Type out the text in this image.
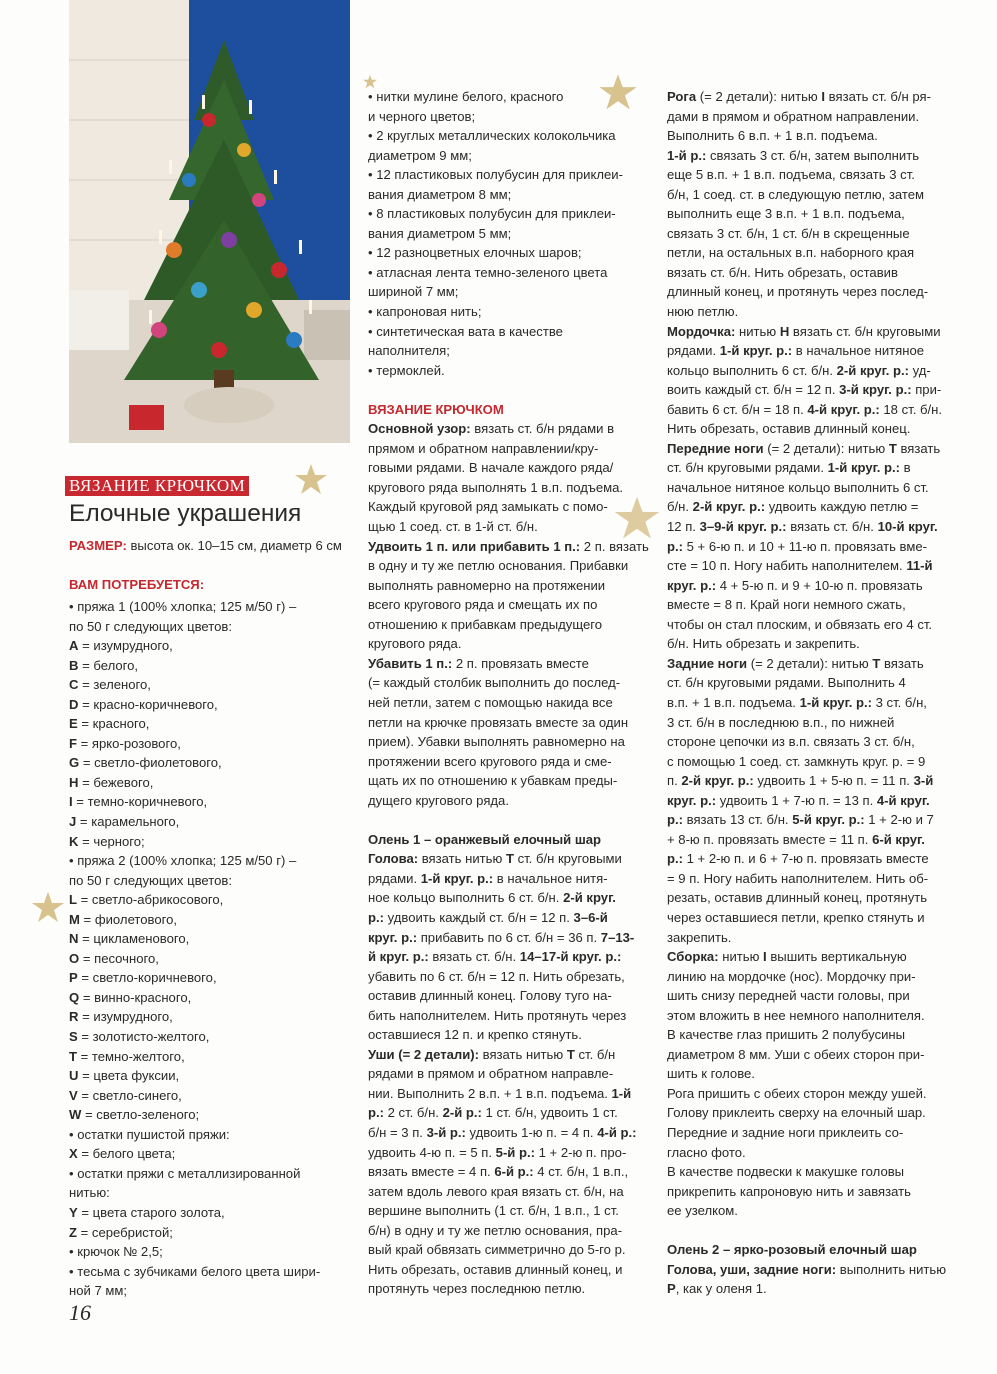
ВЯЗАНИЕ КРЮЧКОМ
Елочные украшения
РАЗМЕР: высота ок. 10–15 см, диаметр 6 см
ВАМ ПОТРЕБУЕТСЯ:

• пряжа 1 (100% хлопка; 125 м/50 г) –

по 50 г следующих цветов:

A = изумрудного,

B = белого,

C = зеленого,

D = красно-коричневого,

E = красного,

F = ярко-розового,

G = светло-фиолетового,

H = бежевого,

I = темно-коричневого,

J = карамельного,

K = черного;

• пряжа 2 (100% хлопка; 125 м/50 г) –

по 50 г следующих цветов:

L = светло-абрикосового,

M = фиолетового,

N = цикламенового,

O = песочного,

P = светло-коричневого,

Q = винно-красного,

R = изумрудного,

S = золотисто-желтого,

T = темно-желтого,

U = цвета фуксии,

V = светло-синего,

W = светло-зеленого;

• остатки пушистой пряжи:

X = белого цвета;

• остатки пряжи с металлизированной

нитью:

Y = цвета старого золота,

Z = серебристой;

• крючок № 2,5;

• тесьма с зубчиками белого цвета шири-

ной 7 мм;

• нитки мулине белого, красного

и черного цветов;

• 2 круглых металлических колокольчика

диаметром 9 мм;

• 12 пластиковых полубусин для приклеи-

вания диаметром 8 мм;

• 8 пластиковых полубусин для приклеи-

вания диаметром 5 мм;

• 12 разноцветных елочных шаров;

• атласная лента темно-зеленого цвета

шириной 7 мм;

• капроновая нить;

• синтетическая вата в качестве

наполнителя;

• термоклей.

ВЯЗАНИЕ КРЮЧКОМ

Основной узор: вязать ст. б/н рядами в

прямом и обратном направлении/кру-

говыми рядами. В начале каждого ряда/

кругового ряда выполнять 1 в.п. подъема.

Каждый круговой ряд замыкать с помо-

щью 1 соед. ст. в 1-й ст. б/н.

Удвоить 1 п. или прибавить 1 п.: 2 п. вязать

в одну и ту же петлю основания. Прибавки

выполнять равномерно на протяжении

всего кругового ряда и смещать их по

отношению к прибавкам предыдущего

кругового ряда.

Убавить 1 п.: 2 п. провязать вместе

(= каждый столбик выполнить до послед-

ней петли, затем с помощью накида все

петли на крючке провязать вместе за один

прием). Убавки выполнять равномерно на

протяжении всего кругового ряда и сме-

щать их по отношению к убавкам преды-

дущего кругового ряда.

Олень 1 – оранжевый елочный шар

Голова: вязать нитью T ст. б/н круговыми

рядами. 1-й круг. р.: в начальное нитя-

ное кольцо выполнить 6 ст. б/н. 2-й круг.

р.: удвоить каждый ст. б/н = 12 п. 3–6-й

круг. р.: прибавить по 6 ст. б/н = 36 п. 7–13-

й круг. р.: вязать ст. б/н. 14–17-й круг. р.:

убавить по 6 ст. б/н = 12 п. Нить обрезать,

оставив длинный конец. Голову туго на-

бить наполнителем. Нить протянуть через

оставшиеся 12 п. и крепко стянуть.

Уши (= 2 детали): вязать нитью T ст. б/н

рядами в прямом и обратном направле-

нии. Выполнить 2 в.п. + 1 в.п. подъема. 1-й

р.: 2 ст. б/н. 2-й р.: 1 ст. б/н, удвоить 1 ст.

б/н = 3 п. 3-й р.: удвоить 1-ю п. = 4 п. 4-й р.:

удвоить 4-ю п. = 5 п. 5-й р.: 1 + 2-ю п. про-

вязать вместе = 4 п. 6-й р.: 4 ст. б/н, 1 в.п.,

затем вдоль левого края вязать ст. б/н, на

вершине выполнить (1 ст. б/н, 1 в.п., 1 ст.

б/н) в одну и ту же петлю основания, пра-

вый край обвязать симметрично до 5-го р.

Нить обрезать, оставив длинный конец, и

протянуть через последнюю петлю.

Рога (= 2 детали): нитью I вязать ст. б/н ря-

дами в прямом и обратном направлении.

Выполнить 6 в.п. + 1 в.п. подъема.

1-й р.: связать 3 ст. б/н, затем выполнить

еще 5 в.п. + 1 в.п. подъема, связать 3 ст.

б/н, 1 соед. ст. в следующую петлю, затем

выполнить еще 3 в.п. + 1 в.п. подъема,

связать 3 ст. б/н, 1 ст. б/н в скрещенные

петли, на остальных в.п. наборного края

вязать ст. б/н. Нить обрезать, оставив

длинный конец, и протянуть через послед-

нюю петлю.

Мордочка: нитью H вязать ст. б/н круговыми

рядами. 1-й круг. р.: в начальное нитяное

кольцо выполнить 6 ст. б/н. 2-й круг. р.: уд-

воить каждый ст. б/н = 12 п. 3-й круг. р.: при-

бавить 6 ст. б/н = 18 п. 4-й круг. р.: 18 ст. б/н.

Нить обрезать, оставив длинный конец.

Передние ноги (= 2 детали): нитью T вязать

ст. б/н круговыми рядами. 1-й круг. р.: в

начальное нитяное кольцо выполнить 6 ст.

б/н. 2-й круг. р.: удвоить каждую петлю =

12 п. 3–9-й круг. р.: вязать ст. б/н. 10-й круг.

р.: 5 + 6-ю п. и 10 + 11-ю п. провязать вме-

сте = 10 п. Ногу набить наполнителем. 11-й

круг. р.: 4 + 5-ю п. и 9 + 10-ю п. провязать

вместе = 8 п. Край ноги немного сжать,

чтобы он стал плоским, и обвязать его 4 ст.

б/н. Нить обрезать и закрепить.

Задние ноги (= 2 детали): нитью T вязать

ст. б/н круговыми рядами. Выполнить 4

в.п. + 1 в.п. подъема. 1-й круг. р.: 3 ст. б/н,

3 ст. б/н в последнюю в.п., по нижней

стороне цепочки из в.п. связать 3 ст. б/н,

с помощью 1 соед. ст. замкнуть круг. р. = 9

п. 2-й круг. р.: удвоить 1 + 5-ю п. = 11 п. 3-й

круг. р.: удвоить 1 + 7-ю п. = 13 п. 4-й круг.

р.: вязать 13 ст. б/н. 5-й круг. р.: 1 + 2-ю и 7

+ 8-ю п. провязать вместе = 11 п. 6-й круг.

р.: 1 + 2-ю п. и 6 + 7-ю п. провязать вместе

= 9 п. Ногу набить наполнителем. Нить об-

резать, оставив длинный конец, протянуть

через оставшиеся петли, крепко стянуть и

закрепить.

Сборка: нитью I вышить вертикальную

линию на мордочке (нос). Мордочку при-

шить снизу передней части головы, при

этом вложить в нее немного наполнителя.

В качестве глаз пришить 2 полубусины

диаметром 8 мм. Уши с обеих сторон при-

шить к голове.

Рога пришить с обеих сторон между ушей.

Голову приклеить сверху на елочный шар.

Передние и задние ноги приклеить со-

гласно фото.

В качестве подвески к макушке головы

прикрепить капроновую нить и завязать

ее узелком.

Олень 2 – ярко-розовый елочный шар

Голова, уши, задние ноги: выполнить нитью

P, как у оленя 1.

16
